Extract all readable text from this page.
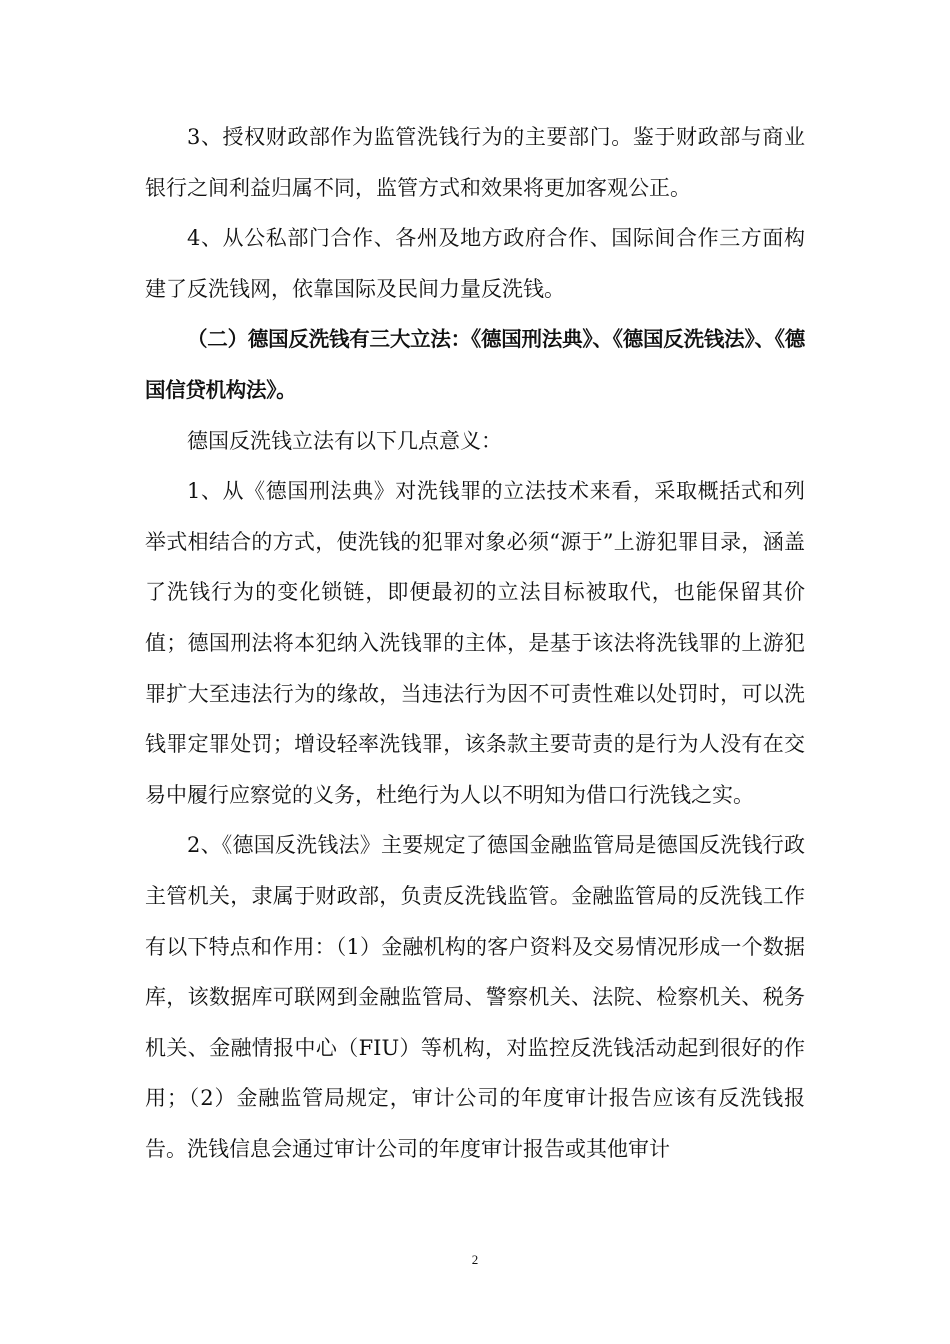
3、授权财政部作为监管洗钱行为的主要部门。鉴于财政部与商业银行之间利益归属不同，监管方式和效果将更加客观公正。

4、从公私部门合作、各州及地方政府合作、国际间合作三方面构建了反洗钱网，依靠国际及民间力量反洗钱。

（二）德国反洗钱有三大立法：《德国刑法典》、《德国反洗钱法》、《德国信贷机构法》。

德国反洗钱立法有以下几点意义：

1、从《德国刑法典》对洗钱罪的立法技术来看，采取概括式和列举式相结合的方式，使洗钱的犯罪对象必须“源于”上游犯罪目录，涵盖了洗钱行为的变化锁链，即便最初的立法目标被取代，也能保留其价值；德国刑法将本犯纳入洗钱罪的主体，是基于该法将洗钱罪的上游犯罪扩大至违法行为的缘故，当违法行为因不可责性难以处罚时，可以洗钱罪定罪处罚；增设轻率洗钱罪，该条款主要苛责的是行为人没有在交易中履行应察觉的义务，杜绝行为人以不明知为借口行洗钱之实。

2、《德国反洗钱法》主要规定了德国金融监管局是德国反洗钱行政主管机关，隶属于财政部，负责反洗钱监管。金融监管局的反洗钱工作有以下特点和作用：（1）金融机构的客户资料及交易情况形成一个数据库，该数据库可联网到金融监管局、警察机关、法院、检察机关、税务机关、金融情报中心（FIU）等机构，对监控反洗钱活动起到很好的作用；（2）金融监管局规定，审计公司的年度审计报告应该有反洗钱报告。洗钱信息会通过审计公司的年度审计报告或其他审计

2
